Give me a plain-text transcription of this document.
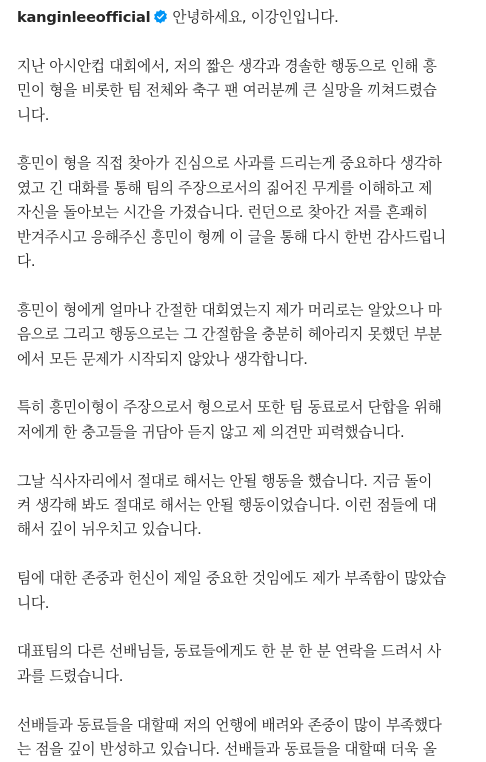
kanginleeofficial 안녕하세요, 이강인입니다.

지난 아시안컵 대회에서, 저의 짧은 생각과 경솔한 행동으로 인해 흥
민이 형을 비롯한 팀 전체와 축구 팬 여러분께 큰 실망을 끼쳐드렸습
니다.

흥민이 형을 직접 찾아가 진심으로 사과를 드리는게 중요하다 생각하
였고 긴 대화를 통해 팀의 주장으로서의 짊어진 무게를 이해하고 제
자신을 돌아보는 시간을 가졌습니다. 런던으로 찾아간 저를 흔쾌히
반겨주시고 응해주신 흥민이 형께 이 글을 통해 다시 한번 감사드립니
다.

흥민이 형에게 얼마나 간절한 대회였는지 제가 머리로는 알았으나 마
음으로 그리고 행동으로는 그 간절함을 충분히 헤아리지 못했던 부분
에서 모든 문제가 시작되지 않았나 생각합니다.

특히 흥민이형이 주장으로서 형으로서 또한 팀 동료로서 단합을 위해
저에게 한 충고들을 귀담아 듣지 않고 제 의견만 피력했습니다.

그날 식사자리에서 절대로 해서는 안될 행동을 했습니다. 지금 돌이
켜 생각해 봐도 절대로 해서는 안될 행동이었습니다. 이런 점들에 대
해서 깊이 뉘우치고 있습니다.

팀에 대한 존중과 헌신이 제일 중요한 것임에도 제가 부족함이 많았습
니다.

대표팀의 다른 선배님들, 동료들에게도 한 분 한 분 연락을 드려서 사
과를 드렸습니다.

선배들과 동료들을 대할때 저의 언행에 배려와 존중이 많이 부족했다
는 점을 깊이 반성하고 있습니다. 선배들과 동료들을 대할때 더욱 올
